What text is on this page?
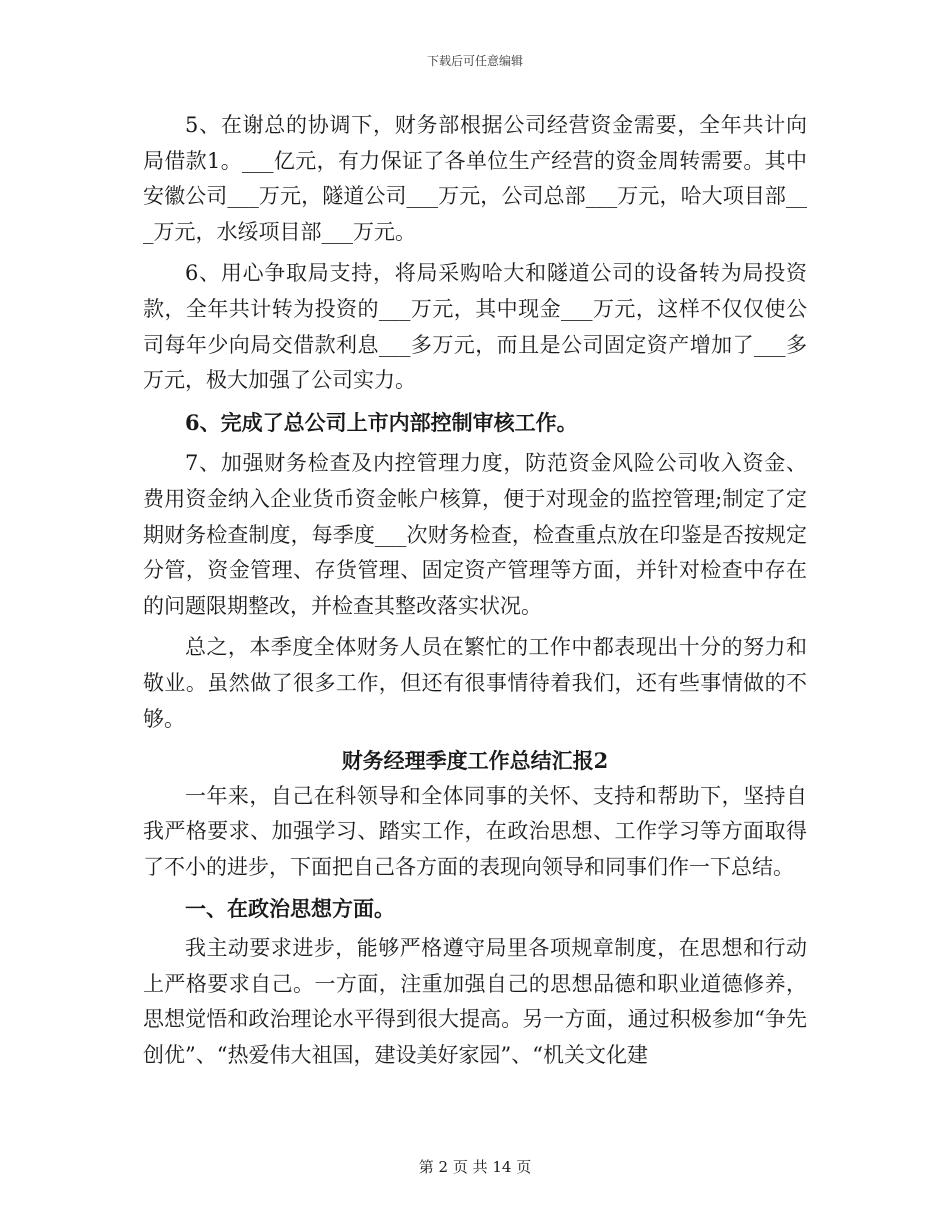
下载后可任意编辑

5、在谢总的协调下，财务部根据公司经营资金需要，全年共计向局借款1。___亿元，有力保证了各单位生产经营的资金周转需要。其中安徽公司___万元，隧道公司___万元，公司总部___万元，哈大项目部___万元，水绥项目部___万元。

6、用心争取局支持，将局采购哈大和隧道公司的设备转为局投资款，全年共计转为投资的___万元，其中现金___万元，这样不仅仅使公司每年少向局交借款利息___多万元，而且是公司固定资产增加了___多万元，极大加强了公司实力。

6、完成了总公司上市内部控制审核工作。

7、加强财务检查及内控管理力度，防范资金风险公司收入资金、费用资金纳入企业货币资金帐户核算，便于对现金的监控管理;制定了定期财务检查制度，每季度___次财务检查，检查重点放在印鉴是否按规定分管，资金管理、存货管理、固定资产管理等方面，并针对检查中存在的问题限期整改，并检查其整改落实状况。

总之，本季度全体财务人员在繁忙的工作中都表现出十分的努力和敬业。虽然做了很多工作，但还有很事情待着我们，还有些事情做的不够。

财务经理季度工作总结汇报2

一年来，自己在科领导和全体同事的关怀、支持和帮助下，坚持自我严格要求、加强学习、踏实工作，在政治思想、工作学习等方面取得了不小的进步，下面把自己各方面的表现向领导和同事们作一下总结。

一、在政治思想方面。

我主动要求进步，能够严格遵守局里各项规章制度，在思想和行动上严格要求自己。一方面，注重加强自己的思想品德和职业道德修养，思想觉悟和政治理论水平得到很大提高。另一方面，通过积极参加“争先创优”、“热爱伟大祖国，建设美好家园”、“机关文化建

第 2 页 共 14 页
